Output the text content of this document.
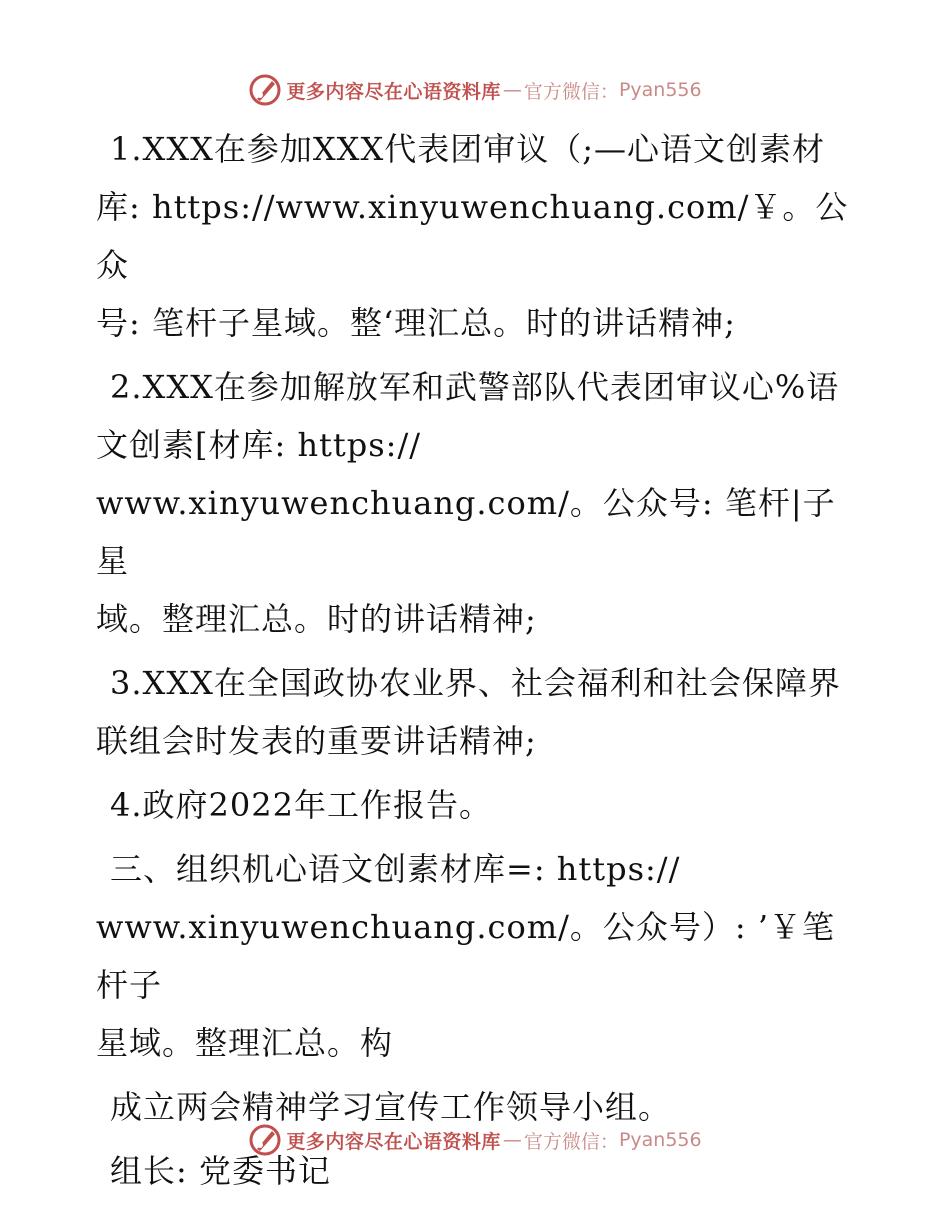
更多内容尽在心语资料库 — 官方微信： Pyan556

1.XXX在参加XXX代表团审议（;—心语文创素材
库: https://www.xinyuwenchuang.com/￥。公众
号: 笔杆子星域。整‘理汇总。时的讲话精神;

2.XXX在参加解放军和武警部队代表团审议心%语
文创素[材库: https://
www.xinyuwenchuang.com/。公众号: 笔杆|子星
域。整理汇总。时的讲话精神;

3.XXX在全国政协农业界、社会福利和社会保障界
联组会时发表的重要讲话精神;

4.政府2022年工作报告。

三、组织机心语文创素材库=: https://
www.xinyuwenchuang.com/。公众号）: ’￥笔杆子
星域。整理汇总。构

成立两会精神学习宣传工作领导小组。

组长: 党委书记

更多内容尽在心语资料库 — 官方微信： Pyan556
